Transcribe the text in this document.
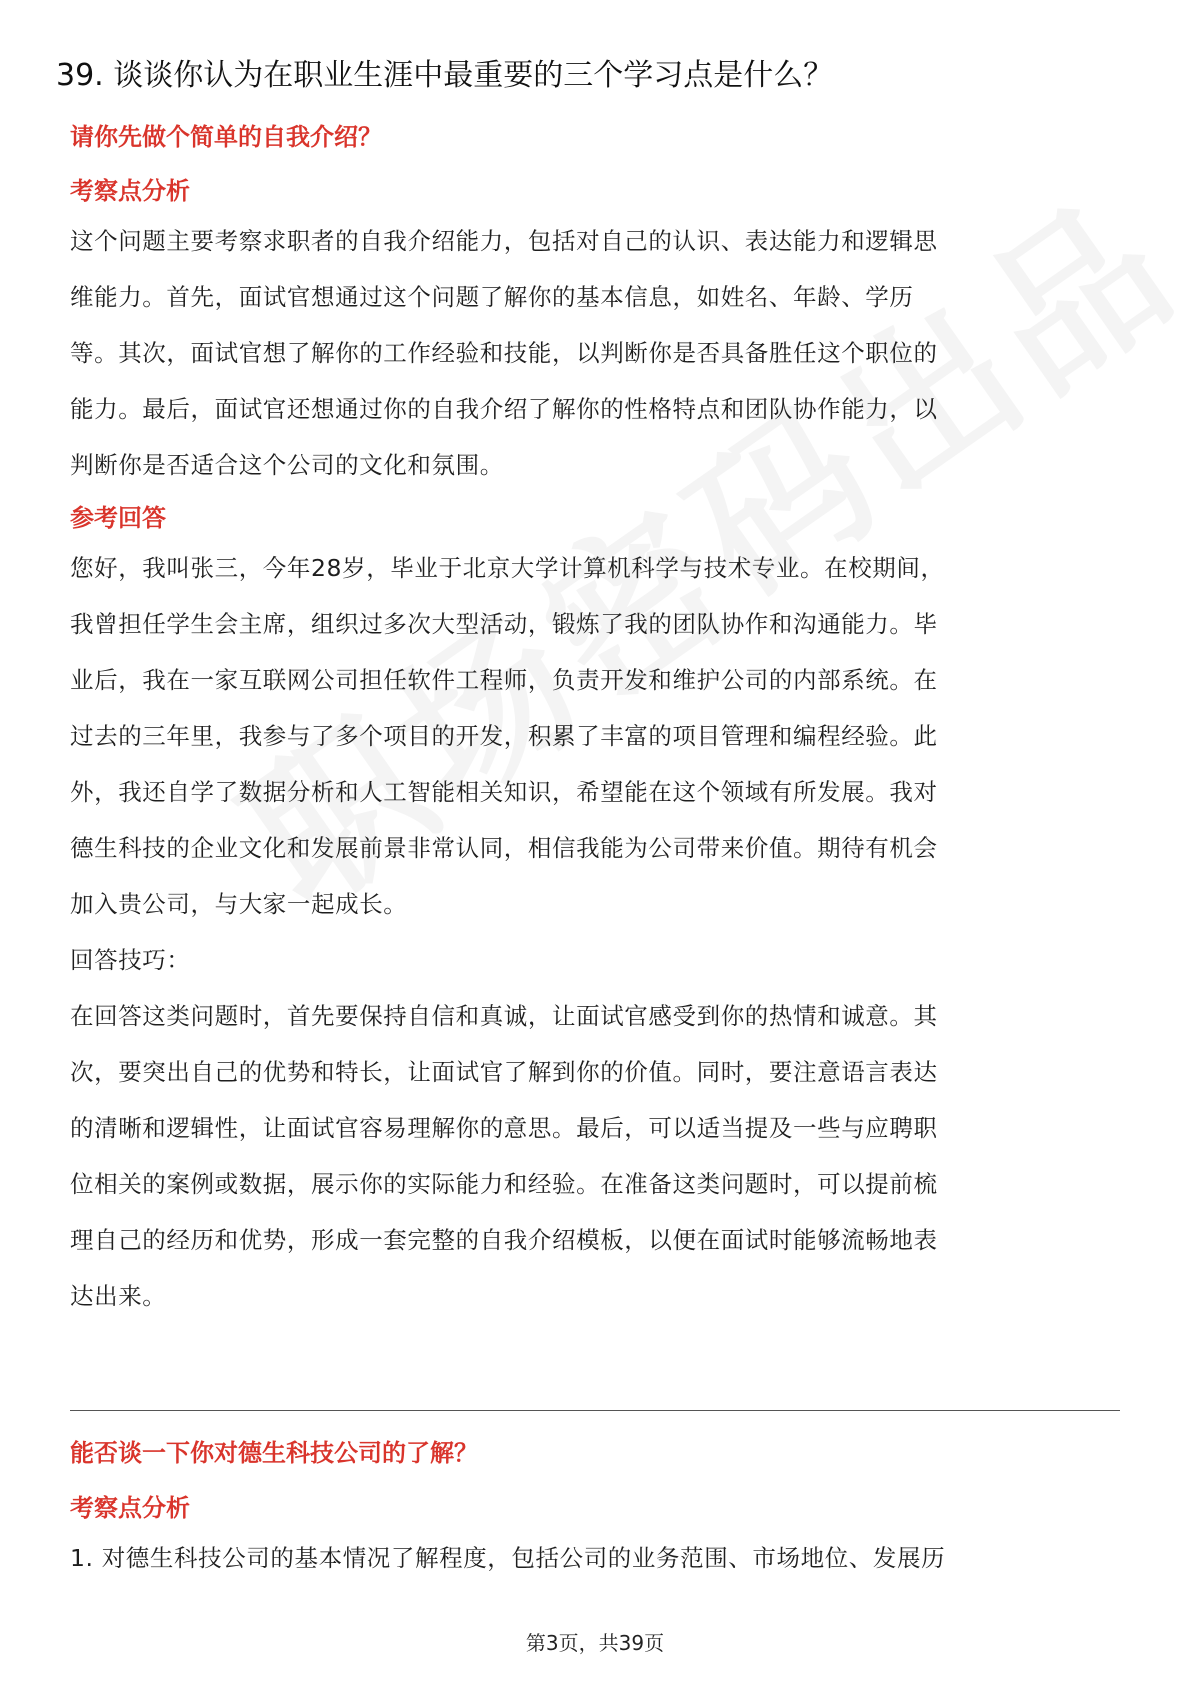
39. 谈谈你认为在职业生涯中最重要的三个学习点是什么？
请你先做个简单的自我介绍？
考察点分析
这个问题主要考察求职者的自我介绍能力，包括对自己的认识、表达能力和逻辑思
维能力。首先，面试官想通过这个问题了解你的基本信息，如姓名、年龄、学历
等。其次，面试官想了解你的工作经验和技能，以判断你是否具备胜任这个职位的
能力。最后，面试官还想通过你的自我介绍了解你的性格特点和团队协作能力，以
判断你是否适合这个公司的文化和氛围。
参考回答
您好，我叫张三，今年28岁，毕业于北京大学计算机科学与技术专业。在校期间，
我曾担任学生会主席，组织过多次大型活动，锻炼了我的团队协作和沟通能力。毕
业后，我在一家互联网公司担任软件工程师，负责开发和维护公司的内部系统。在
过去的三年里，我参与了多个项目的开发，积累了丰富的项目管理和编程经验。此
外，我还自学了数据分析和人工智能相关知识，希望能在这个领域有所发展。我对
德生科技的企业文化和发展前景非常认同，相信我能为公司带来价值。期待有机会
加入贵公司，与大家一起成长。
回答技巧：
在回答这类问题时，首先要保持自信和真诚，让面试官感受到你的热情和诚意。其
次，要突出自己的优势和特长，让面试官了解到你的价值。同时，要注意语言表达
的清晰和逻辑性，让面试官容易理解你的意思。最后，可以适当提及一些与应聘职
位相关的案例或数据，展示你的实际能力和经验。在准备这类问题时，可以提前梳
理自己的经历和优势，形成一套完整的自我介绍模板，以便在面试时能够流畅地表
达出来。
能否谈一下你对德生科技公司的了解？
考察点分析
1. 对德生科技公司的基本情况了解程度，包括公司的业务范围、市场地位、发展历
第3页，共39页
